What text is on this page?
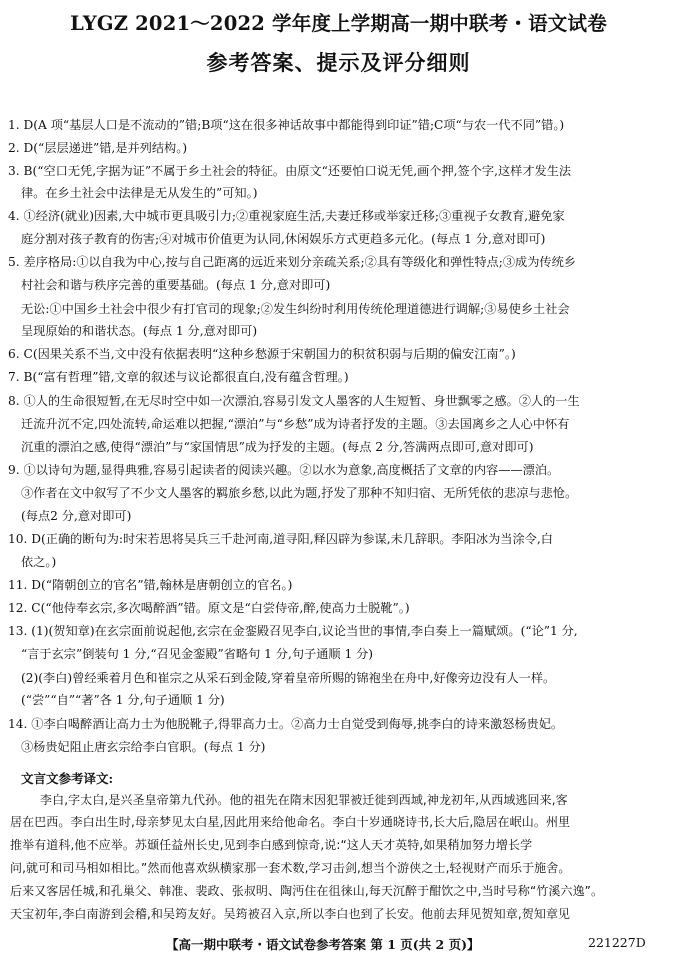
LYGZ 2021～2022 学年度上学期高一期中联考・语文试卷
参考答案、提示及评分细则
1. D(A 项“基层人口是不流动的”错;B项“这在很多神话故事中都能得到印证”错;C项“与农一代不同”错。)
2. D(“层层递进”错,是并列结构。)
3. B(“空口无凭,字据为证”不属于乡土社会的特征。由原文“还要怕口说无凭,画个押,签个字,这样才发生法
律。在乡土社会中法律是无从发生的”可知。)
4. ①经济(就业)因素,大中城市更具吸引力;②重视家庭生活,夫妻迁移或举家迁移;③重视子女教育,避免家
庭分割对孩子教育的伤害;④对城市价值更为认同,休闲娱乐方式更趋多元化。(每点 1 分,意对即可)
5. 差序格局:①以自我为中心,按与自己距离的远近来划分亲疏关系;②具有等级化和弹性特点;③成为传统乡
村社会和谐与秩序完善的重要基础。(每点 1 分,意对即可)
无讼:①中国乡土社会中很少有打官司的现象;②发生纠纷时利用传统伦理道德进行调解;③易使乡土社会
呈现原始的和谐状态。(每点 1 分,意对即可)
6. C(因果关系不当,文中没有依据表明“这种乡愁源于宋朝国力的积贫积弱与后期的偏安江南”。)
7. B(“富有哲理”错,文章的叙述与议论都很直白,没有蕴含哲理。)
8. ①人的生命很短暂,在无尽时空中如一次漂泊,容易引发文人墨客的人生短暂、身世飘零之感。②人的一生
迁流升沉不定,四处流转,命运难以把握,“漂泊”与“乡愁”成为诗者抒发的主题。③去国离乡之人心中怀有
沉重的漂泊之感,使得“漂泊”与“家国情思”成为抒发的主题。(每点 2 分,答满两点即可,意对即可)
9. ①以诗句为题,显得典雅,容易引起读者的阅读兴趣。②以水为意象,高度概括了文章的内容——漂泊。
③作者在文中叙写了不少文人墨客的羁旅乡愁,以此为题,抒发了那种不知归宿、无所凭依的悲凉与悲怆。
(每点2 分,意对即可)
10. D(正确的断句为:时宋若思将吴兵三千赴河南,道寻阳,释囚辟为参谋,未几辞职。李阳冰为当涂令,白
依之。)
11. D(“隋朝创立的官名”错,翰林是唐朝创立的官名。)
12. C(“他侍奉玄宗,多次喝醉酒”错。原文是“白尝侍帝,醉,使高力士脱靴”。)
13. (1)(贺知章)在玄宗面前说起他,玄宗在金銮殿召见李白,议论当世的事情,李白奏上一篇赋颂。(“论”1 分,
“言于玄宗”倒装句 1 分,“召见金銮殿”省略句 1 分,句子通顺 1 分)
(2)(李白)曾经乘着月色和崔宗之从采石到金陵,穿着皇帝所赐的锦袍坐在舟中,好像旁边没有人一样。
(“尝”“自”“著”各 1 分,句子通顺 1 分)
14. ①李白喝醉酒让高力士为他脱靴子,得罪高力士。②高力士自觉受到侮辱,挑李白的诗来激怒杨贵妃。
③杨贵妃阻止唐玄宗给李白官职。(每点 1 分)
文言文参考译文:
李白,字太白,是兴圣皇帝第九代孙。他的祖先在隋末因犯罪被迁徙到西域,神龙初年,从西域逃回来,客
居在巴西。李白出生时,母亲梦见太白星,因此用来给他命名。李白十岁通晓诗书,长大后,隐居在岷山。州里
推举有道科,他不应举。苏颋任益州长史,见到李白感到惊奇,说:“这人天才英特,如果稍加努力增长学
问,就可和司马相如相比。”然而他喜欢纵横家那一套术数,学习击剑,想当个游侠之士,轻视财产而乐于施舍。
后来又客居任城,和孔巢父、韩准、裴政、张叔明、陶沔住在徂徕山,每天沉醉于酣饮之中,当时号称“竹溪六逸”。
天宝初年,李白南游到会稽,和吴筠友好。吴筠被召入京,所以李白也到了长安。他前去拜见贺知章,贺知章见
【高一期中联考・语文试卷参考答案 第 1 页(共 2 页)】	221227D
